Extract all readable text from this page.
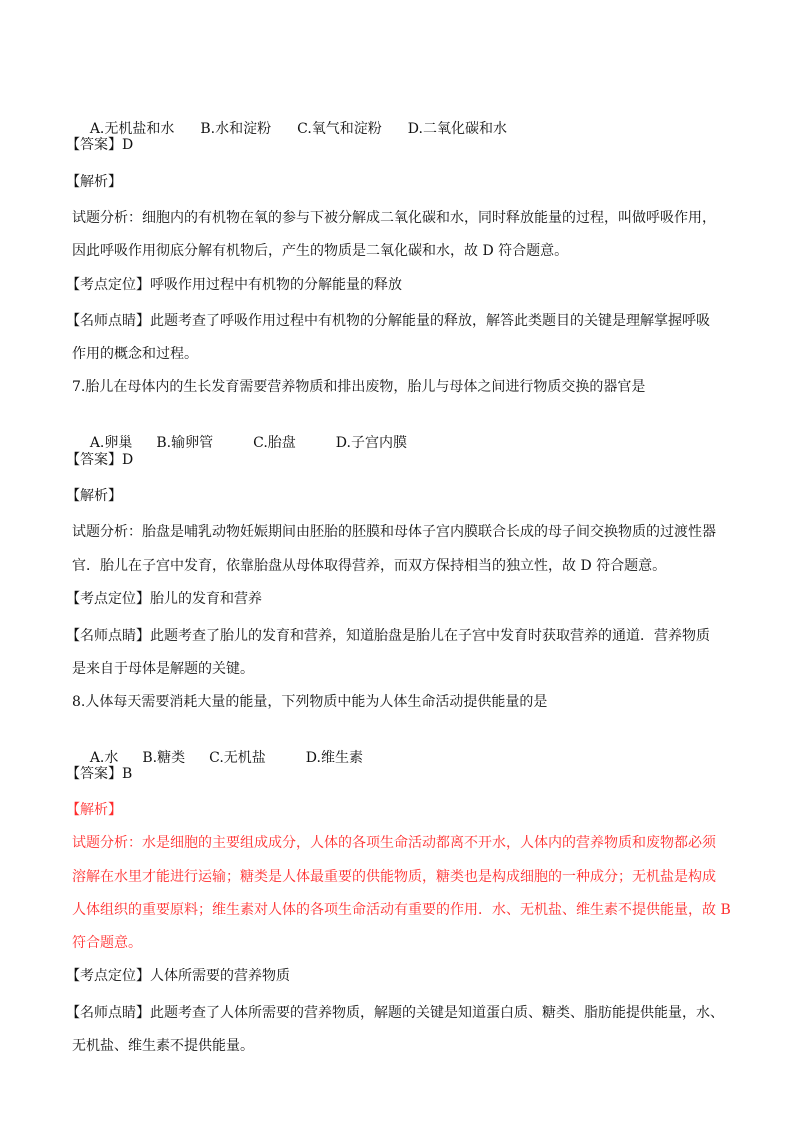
A.无机盐和水 B.水和淀粉 C.氧气和淀粉 D.二氧化碳和水

【答案】D
【解析】
试题分析：细胞内的有机物在氧的参与下被分解成二氧化碳和水，同时释放能量的过程，叫做呼吸作用，
因此呼吸作用彻底分解有机物后，产生的物质是二氧化碳和水，故 D 符合题意。
【考点定位】呼吸作用过程中有机物的分解能量的释放
【名师点睛】此题考查了呼吸作用过程中有机物的分解能量的释放，解答此类题目的关键是理解掌握呼吸
作用的概念和过程。
7.胎儿在母体内的生长发育需要营养物质和排出废物，胎儿与母体之间进行物质交换的器官是

A.卵巢 B.输卵管	C.胎盘	D.子宫内膜

【答案】D
【解析】
试题分析：胎盘是哺乳动物妊娠期间由胚胎的胚膜和母体子宫内膜联合长成的母子间交换物质的过渡性器
官．胎儿在子宫中发育，依靠胎盘从母体取得营养，而双方保持相当的独立性，故 D 符合题意。
【考点定位】胎儿的发育和营养
【名师点睛】此题考查了胎儿的发育和营养，知道胎盘是胎儿在子宫中发育时获取营养的通道．营养物质
是来自于母体是解题的关键。
8.人体每天需要消耗大量的能量，下列物质中能为人体生命活动提供能量的是

A.水 B.糖类 C.无机盐	D.维生素

【答案】B
【解析】
试题分析：水是细胞的主要组成成分，人体的各项生命活动都离不开水，人体内的营养物质和废物都必须
溶解在水里才能进行运输；糖类是人体最重要的供能物质，糖类也是构成细胞的一种成分；无机盐是构成
人体组织的重要原料；维生素对人体的各项生命活动有重要的作用．水、无机盐、维生素不提供能量，故 B
符合题意。
【考点定位】人体所需要的营养物质
【名师点睛】此题考查了人体所需要的营养物质，解题的关键是知道蛋白质、糖类、脂肪能提供能量，水、
无机盐、维生素不提供能量。
